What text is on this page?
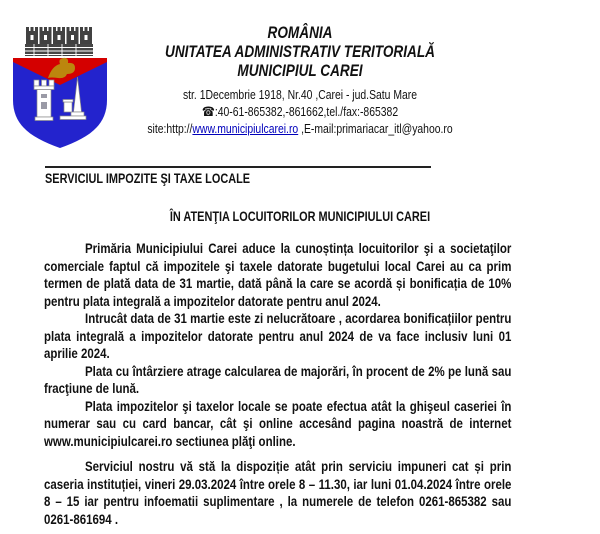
ROMÂNIA
UNITATEA ADMINISTRATIV TERITORIALĂ
MUNICIPIUL CAREI
str. 1Decembrie 1918, Nr.40 ,Carei - jud.Satu Mare
☎:40-61-865382,-861662,tel./fax:-865382
site:http://www.municipiulcarei.ro ,E-mail:primariacar_itl@yahoo.ro
SERVICIUL IMPOZITE ŞI TAXE LOCALE
ÎN ATENŢIA LOCUITORILOR MUNICIPIULUI CAREI

Primăria Municipiului Carei aduce la cunoștința locuitorilor şi a societaţilor comerciale faptul că impozitele şi taxele datorate bugetului local Carei au ca prim termen de plată data de 31 martie, dată până la care se acordă și bonificația de 10% pentru plata integrală a impozitelor datorate pentru anul 2024.

Intrucât data de 31 martie este zi nelucrătoare , acordarea bonificațiilor pentru plata integrală a impozitelor datorate pentru anul 2024 de va face inclusiv luni 01 aprilie 2024.

Plata cu întârziere atrage calcularea de majorări, în procent de 2% pe lună sau fracţiune de lună.

Plata impozitelor şi taxelor locale se poate efectua atât la ghişeul caseriei în numerar sau cu card bancar, cât şi online accesând pagina noastră de internet www.municipiulcarei.ro sectiunea plăţi online.

Serviciul nostru vă stă la dispoziție atât prin serviciu impuneri cat și prin caseria instituției, vineri 29.03.2024 între orele 8 – 11.30, iar luni 01.04.2024 între orele 8 – 15 iar pentru infoematii suplimentare , la numerele de telefon 0261-865382 sau 0261-861694 .
